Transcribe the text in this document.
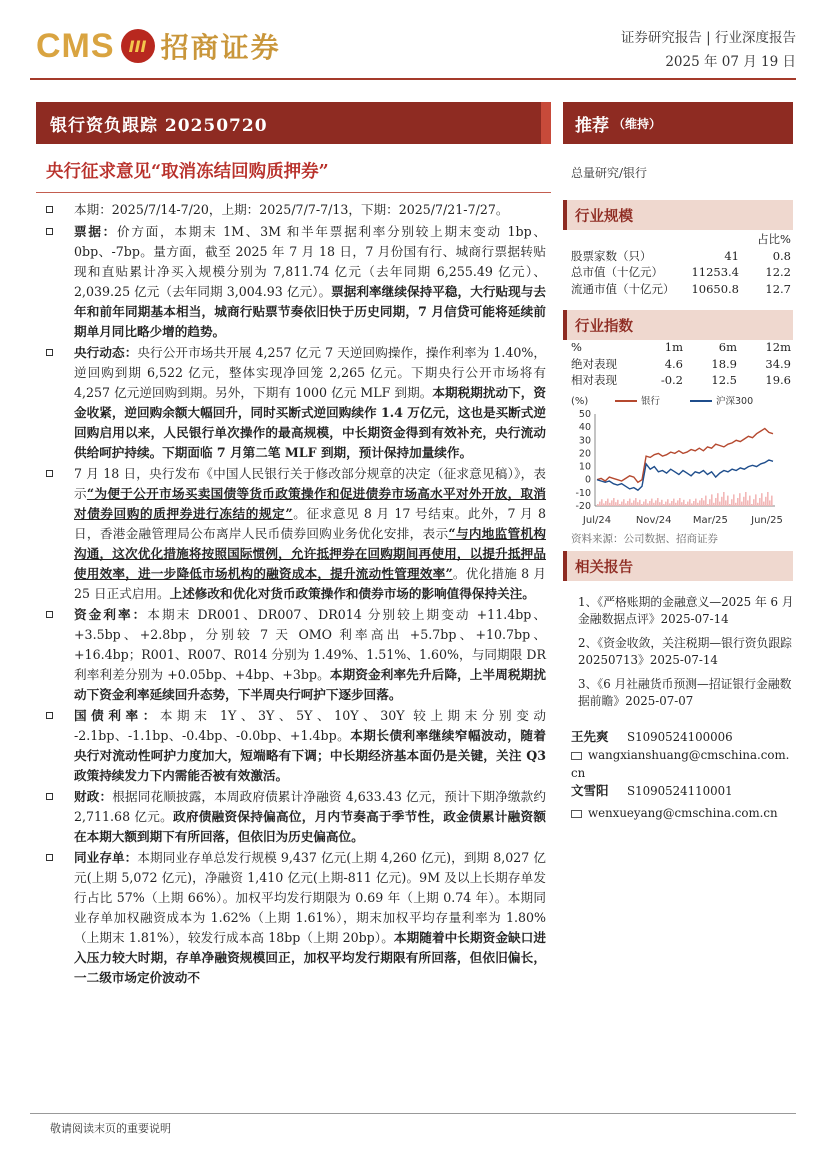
CMS III 招商证券	证券研究报告 | 行业深度报告
2025 年 07 月 19 日
银行资负跟踪 20250720
央行征求意见“取消冻结回购质押券”
本期：2025/7/14-7/20，上期：2025/7/7-7/13，下期：2025/7/21-7/27。
票据：价方面，本期末 1M、3M 和半年票据利率分别较上期末变动 1bp、0bp、-7bp。量方面，截至 2025 年 7 月 18 日，7 月份国有行、城商行票据转贴现和直贴累计净买入规模分别为 7,811.74 亿元（去年同期 6,255.49 亿元）、2,039.25 亿元（去年同期 3,004.93 亿元）。票据利率继续保持平稳，大行贴现与去年和前年同期基本相当，城商行贴票节奏依旧快于历史同期，7 月信贷可能将延续前期单月同比略少增的趋势。
央行动态：央行公开市场共开展 4,257 亿元 7 天逆回购操作，操作利率为 1.40%，逆回购到期 6,522 亿元，整体实现净回笼 2,265 亿元。下期央行公开市场将有 4,257 亿元逆回购到期。另外，下期有 1000 亿元 MLF 到期。本期税期扰动下，资金收紧，逆回购余额大幅回升，同时买断式逆回购续作 1.4 万亿元，这也是买断式逆回购启用以来，人民银行单次操作的最高规模，中长期资金得到有效补充，央行流动供给呵护持续。下期面临 7 月第二笔 MLF 到期，预计保持加量续作。
7 月 18 日，央行发布《中国人民银行关于修改部分规章的决定（征求意见稿）》，表示“为便于公开市场买卖国债等货币政策操作和促进债券市场高水平对外开放，取消对债券回购的质押券进行冻结的规定”。征求意见 8 月 17 号结束。此外，7 月 8 日，香港金融管理局公布离岸人民币债券回购业务优化安排，表示“与内地监管机构沟通，这次优化措施将按照国际惯例，允许抵押券在回购期间再使用，以提升抵押品使用效率，进一步降低市场机构的融资成本，提升流动性管理效率”。优化措施 8 月 25 日正式启用。上述修改和优化对货币政策操作和债券市场的影响值得保持关注。
资金利率：本期末 DR001、DR007、DR014 分别较上期变动 +11.4bp、+3.5bp、+2.8bp，分别较 7 天 OMO 利率高出 +5.7bp、+10.7bp、+16.4bp；R001、R007、R014 分别为 1.49%、1.51%、1.60%，与同期限 DR 利率利差分别为 +0.05bp、+4bp、+3bp。本期资金利率先升后降，上半周税期扰动下资金利率延续回升态势，下半周央行呵护下逐步回落。
国债利率：本期末 1Y、3Y、5Y、10Y、30Y 较上期末分别变动 -2.1bp、-1.1bp、-0.4bp、-0.0bp、+1.4bp。本期长债利率继续窄幅波动，随着央行对流动性呵护力度加大，短端略有下调；中长期经济基本面仍是关键，关注 Q3 政策持续发力下内需能否被有效激活。
财政：根据同花顺披露，本周政府债累计净融资 4,633.43 亿元，预计下期净缴款约 2,711.68 亿元。政府债融资保持偏高位，月内节奏高于季节性，政金债累计融资额在本期大额到期下有所回落，但依旧为历史偏高位。
同业存单：本期同业存单总发行规模 9,437 亿元(上期 4,260 亿元)，到期 8,027 亿元(上期 5,072 亿元)，净融资 1,410 亿元(上期-811 亿元)。9M 及以上长期存单发行占比 57%（上期 66%）。加权平均发行期限为 0.69 年（上期 0.74 年）。本期同业存单加权融资成本为 1.62%（上期 1.61%），期末加权平均存量利率为 1.80%（上期末 1.81%），较发行成本高 18bp（上期 20bp）。本期随着中长期资金缺口进入压力较大时期，存单净融资规模回正，加权平均发行期限有所回落，但依旧偏长，一二级市场定价波动不
推荐 （维持）
总量研究/银行
行业规模
		占比%
股票家数（只）	41	0.8
总市值（十亿元）	11253.4	12.2
流通市值（十亿元）	10650.8	12.7
行业指数
%	1m	6m	12m
绝对表现	4.6	18.9	34.9
相对表现	-0.2	12.5	19.6
(%)	银行	沪深300
50
40
30
20
10
0
-10
-20
Jul/24 Nov/24 Mar/25 Jun/25
资料来源：公司数据、招商证券
相关报告
1、《严格账期的金融意义—2025 年 6 月金融数据点评》2025-07-14
2、《资金收敛，关注税期—银行资负跟踪 20250713》2025-07-14
3、《6 月社融货币预测—招证银行金融数据前瞻》2025-07-07
王先爽 S1090524100006
wangxianshuang@cmschina.com.
cn
文雪阳 S1090524110001
wenxueyang@cmschina.com.cn
敬请阅读末页的重要说明
